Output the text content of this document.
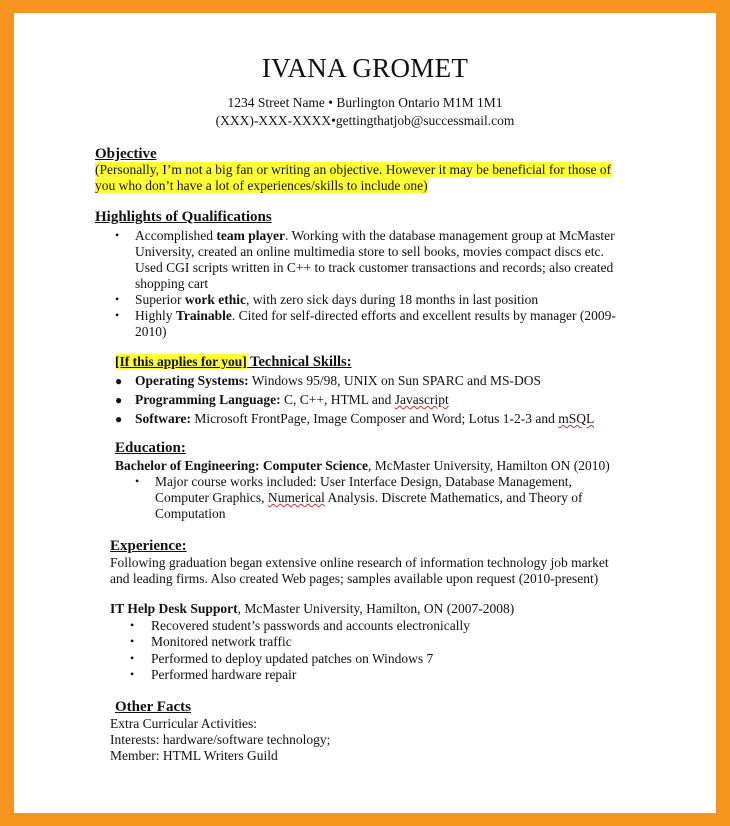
IVANA GROMET
1234 Street Name • Burlington Ontario M1M 1M1
(XXX)-XXX-XXXX•gettingthatjob@successmail.com
Objective
(Personally, I’m not a big fan or writing an objective. However it may be beneficial for those of
you who don’t have a lot of experiences/skills to include one)
Highlights of Qualifications
• Accomplished team player. Working with the database management group at McMaster
University, created an online multimedia store to sell books, movies compact discs etc.
Used CGI scripts written in C++ to track customer transactions and records; also created
shopping cart
• Superior work ethic, with zero sick days during 18 months in last position
• Highly Trainable. Cited for self-directed efforts and excellent results by manager (2009-
2010)
[If this applies for you] Technical Skills:
● Operating Systems: Windows 95/98, UNIX on Sun SPARC and MS-DOS
● Programming Language: C, C++, HTML and Javascript
● Software: Microsoft FrontPage, Image Composer and Word; Lotus 1-2-3 and mSQL
Education:
Bachelor of Engineering: Computer Science, McMaster University, Hamilton ON (2010)
• Major course works included: User Interface Design, Database Management,
Computer Graphics, Numerical Analysis. Discrete Mathematics, and Theory of
Computation
Experience:
Following graduation began extensive online research of information technology job market
and leading firms. Also created Web pages; samples available upon request (2010-present)
IT Help Desk Support, McMaster University, Hamilton, ON (2007-2008)
• Recovered student’s passwords and accounts electronically
• Monitored network traffic
• Performed to deploy updated patches on Windows 7
• Performed hardware repair
Other Facts
Extra Curricular Activities:
Interests: hardware/software technology;
Member: HTML Writers Guild
